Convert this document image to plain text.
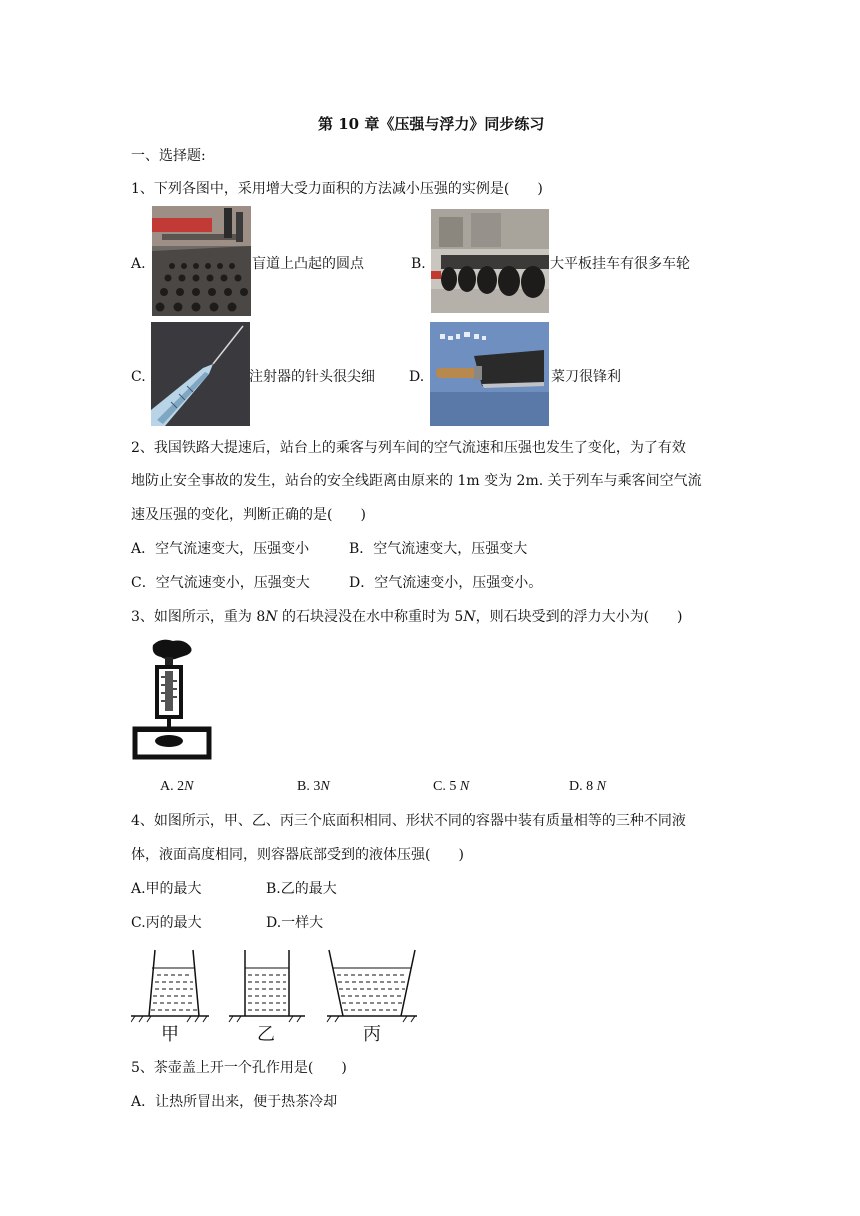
第 10 章《压强与浮力》同步练习
一、选择题:
1、下列各图中，采用增大受力面积的方法减小压强的实例是(　　)
A.	盲道上凸起的圆点	B.	大平板挂车有很多车轮
C.	注射器的针头很尖细 D.	菜刀很锋利
2、我国铁路大提速后，站台上的乘客与列车间的空气流速和压强也发生了变化，为了有效
地防止安全事故的发生，站台的安全线距离由原来的 1m 变为 2m. 关于列车与乘客间空气流
速及压强的变化，判断正确的是(　　)
A．空气流速变大，压强变小	B．空气流速变大，压强变大
C．空气流速变小，压强变大	D．空气流速变小，压强变小。
3、如图所示，重为 8N 的石块浸没在水中称重时为 5N，则石块受到的浮力大小为(　　)
A. 2N	B. 3N	C. 5 N	D. 8 N
4、如图所示，甲、乙、丙三个底面积相同、形状不同的容器中装有质量相等的三种不同液
体，液面高度相同，则容器底部受到的液体压强(　　)
A.甲的最大	B.乙的最大
C.丙的最大	D.一样大
甲	乙	丙
5、茶壶盖上开一个孔作用是(　　)
A．让热所冒出来，便于热茶冷却
